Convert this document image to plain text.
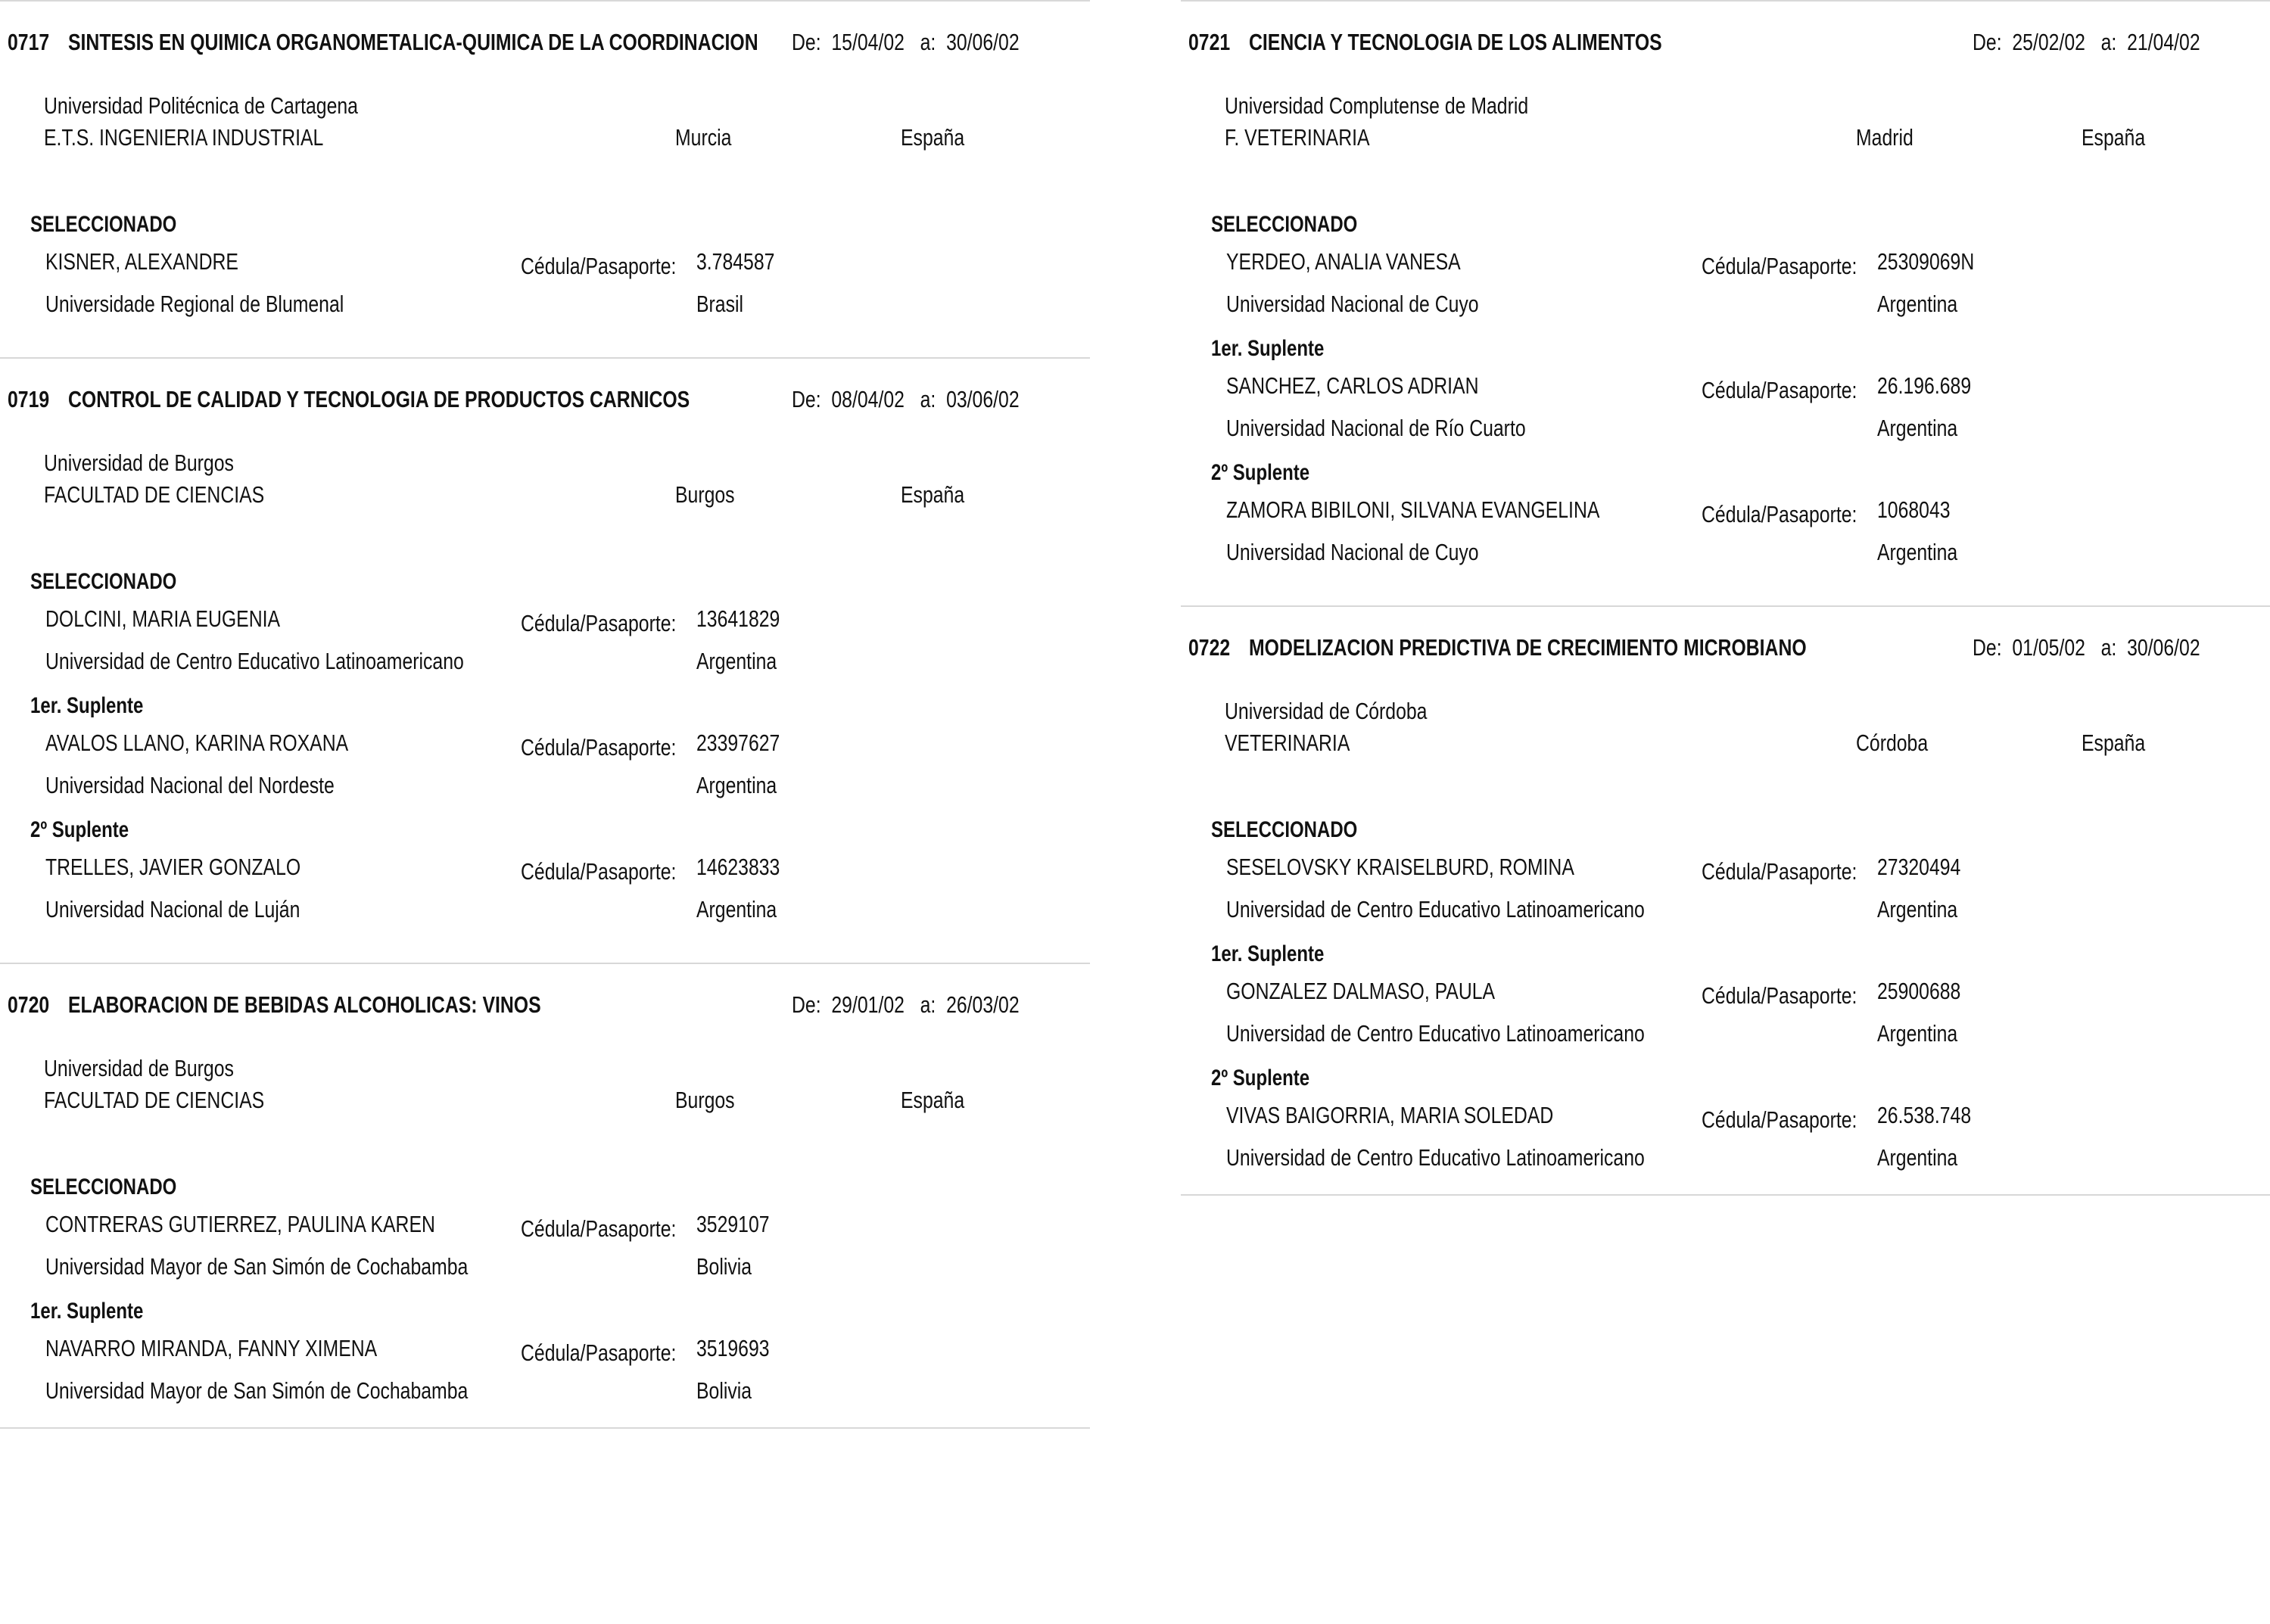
0717 SINTESIS EN QUIMICA ORGANOMETALICA-QUIMICA DE LA COORDINACION De: 15/04/02 a: 30/06/02
Universidad Politécnica de Cartagena
E.T.S. INGENIERIA INDUSTRIAL	Murcia	España
SELECCIONADO
KISNER, ALEXANDRE	Cédula/Pasaporte: 3.784587
Universidade Regional de Blumenal	Brasil
0719 CONTROL DE CALIDAD Y TECNOLOGIA DE PRODUCTOS CARNICOS	De: 08/04/02 a: 03/06/02
Universidad de Burgos
FACULTAD DE CIENCIAS	Burgos	España
SELECCIONADO
DOLCINI, MARIA EUGENIA	Cédula/Pasaporte: 13641829
Universidad de Centro Educativo Latinoamericano	Argentina
1er. Suplente
AVALOS LLANO, KARINA ROXANA	Cédula/Pasaporte: 23397627
Universidad Nacional del Nordeste	Argentina
2º Suplente
TRELLES, JAVIER GONZALO	Cédula/Pasaporte: 14623833
Universidad Nacional de Luján	Argentina
0720 ELABORACION DE BEBIDAS ALCOHOLICAS: VINOS	De: 29/01/02 a: 26/03/02
Universidad de Burgos
FACULTAD DE CIENCIAS	Burgos	España
SELECCIONADO
CONTRERAS GUTIERREZ, PAULINA KAREN	Cédula/Pasaporte: 3529107
Universidad Mayor de San Simón de Cochabamba	Bolivia
1er. Suplente
NAVARRO MIRANDA, FANNY XIMENA	Cédula/Pasaporte: 3519693
Universidad Mayor de San Simón de Cochabamba	Bolivia
0721 CIENCIA Y TECNOLOGIA DE LOS ALIMENTOS	De: 25/02/02 a: 21/04/02
Universidad Complutense de Madrid
F. VETERINARIA	Madrid	España
SELECCIONADO
YERDEO, ANALIA VANESA	Cédula/Pasaporte: 25309069N
Universidad Nacional de Cuyo	Argentina
1er. Suplente
SANCHEZ, CARLOS ADRIAN	Cédula/Pasaporte: 26.196.689
Universidad Nacional de Río Cuarto	Argentina
2º Suplente
ZAMORA BIBILONI, SILVANA EVANGELINA	Cédula/Pasaporte: 1068043
Universidad Nacional de Cuyo	Argentina
0722 MODELIZACION PREDICTIVA DE CRECIMIENTO MICROBIANO	De: 01/05/02 a: 30/06/02
Universidad de Córdoba
VETERINARIA	Córdoba	España
SELECCIONADO
SESELOVSKY KRAISELBURD, ROMINA	Cédula/Pasaporte: 27320494
Universidad de Centro Educativo Latinoamericano	Argentina
1er. Suplente
GONZALEZ DALMASO, PAULA	Cédula/Pasaporte: 25900688
Universidad de Centro Educativo Latinoamericano	Argentina
2º Suplente
VIVAS BAIGORRIA, MARIA SOLEDAD	Cédula/Pasaporte: 26.538.748
Universidad de Centro Educativo Latinoamericano	Argentina
